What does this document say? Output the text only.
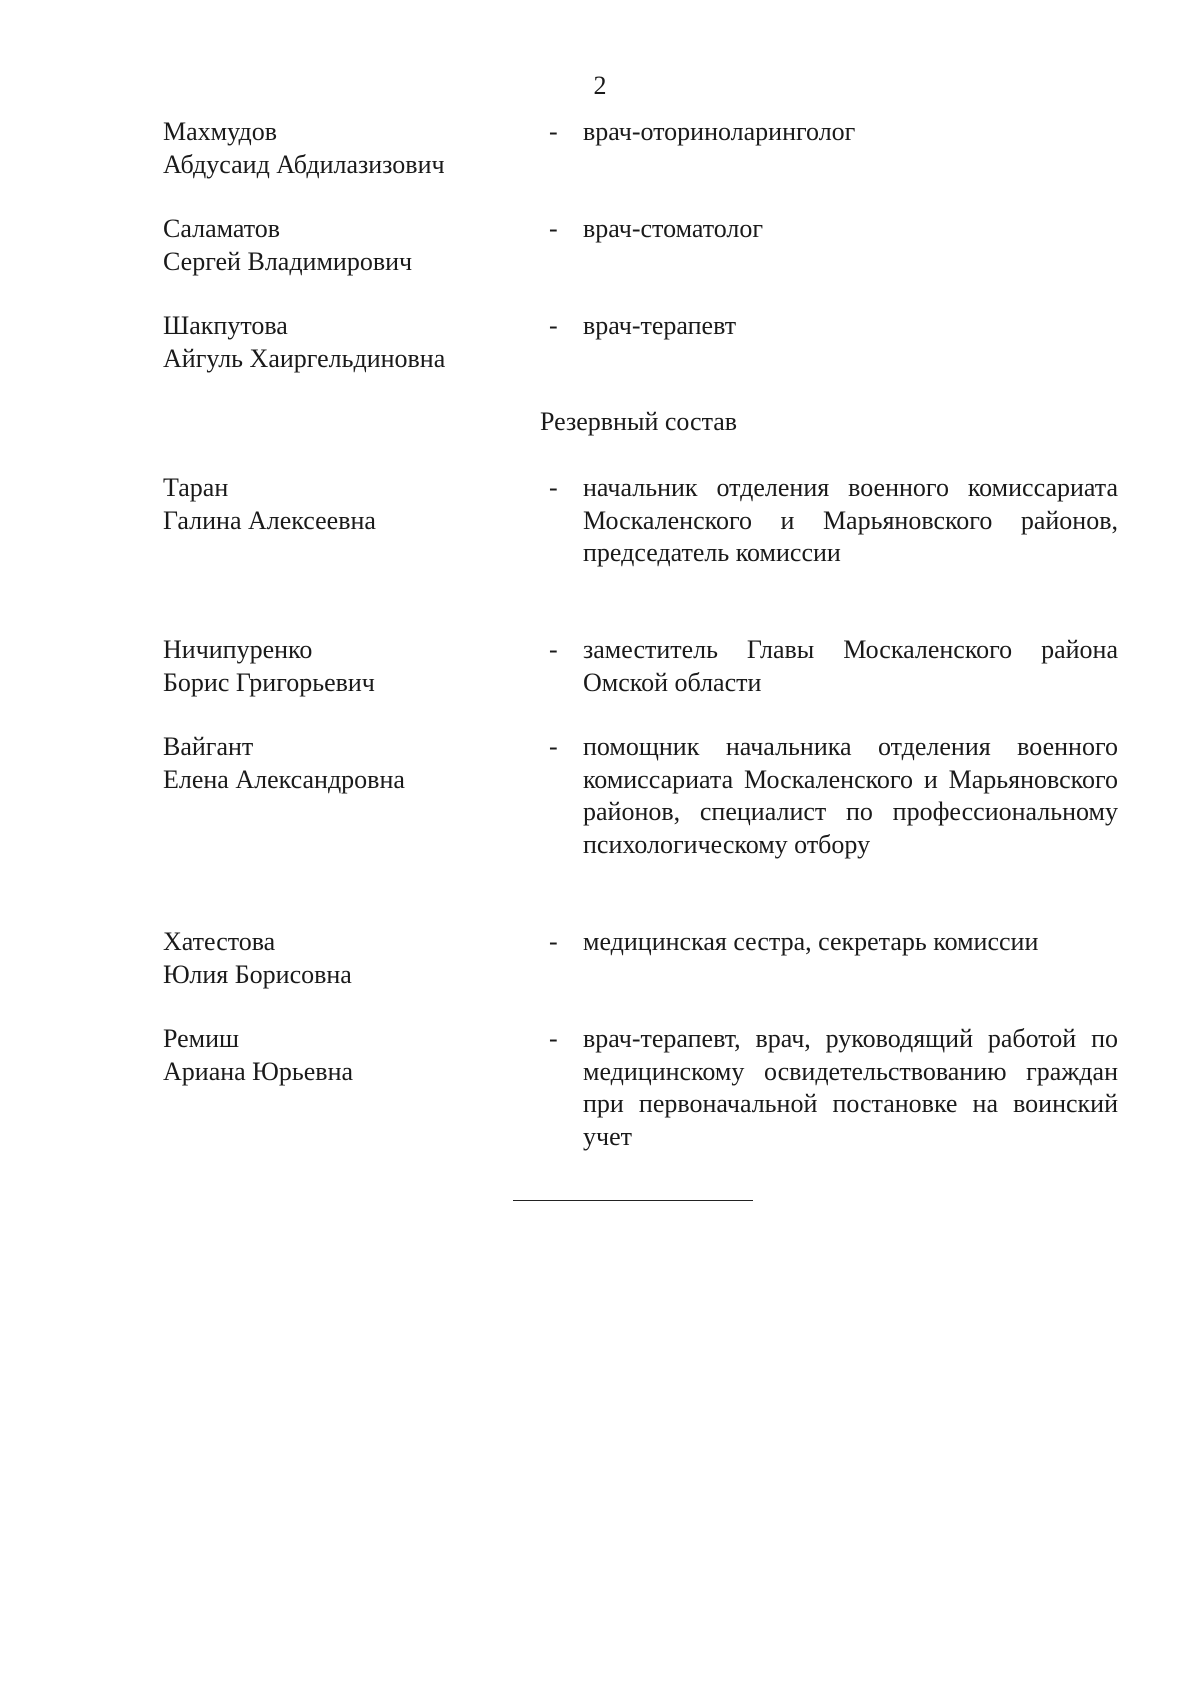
2
Махмудов
Абдусаид Абдилазизович
- врач-оториноларинголог
Саламатов
Сергей Владимирович
- врач-стоматолог
Шакпутова
Айгуль Хаиргельдиновна
- врач-терапевт
Резервный состав
Таран
Галина Алексеевна
- начальник отделения военного комиссариата Москаленского и Марьяновского районов, председатель комиссии
Ничипуренко
Борис Григорьевич
- заместитель Главы Москаленского района Омской области
Вайгант
Елена Александровна
- помощник начальника отделения военного комиссариата Москаленского и Марьяновского районов, специалист по профессиональному психологическому отбору
Хатестова
Юлия Борисовна
- медицинская сестра, секретарь комиссии
Ремиш
Ариана Юрьевна
- врач-терапевт, врач, руководящий работой по медицинскому освидетельствованию граждан при первоначальной постановке на воинский учет
